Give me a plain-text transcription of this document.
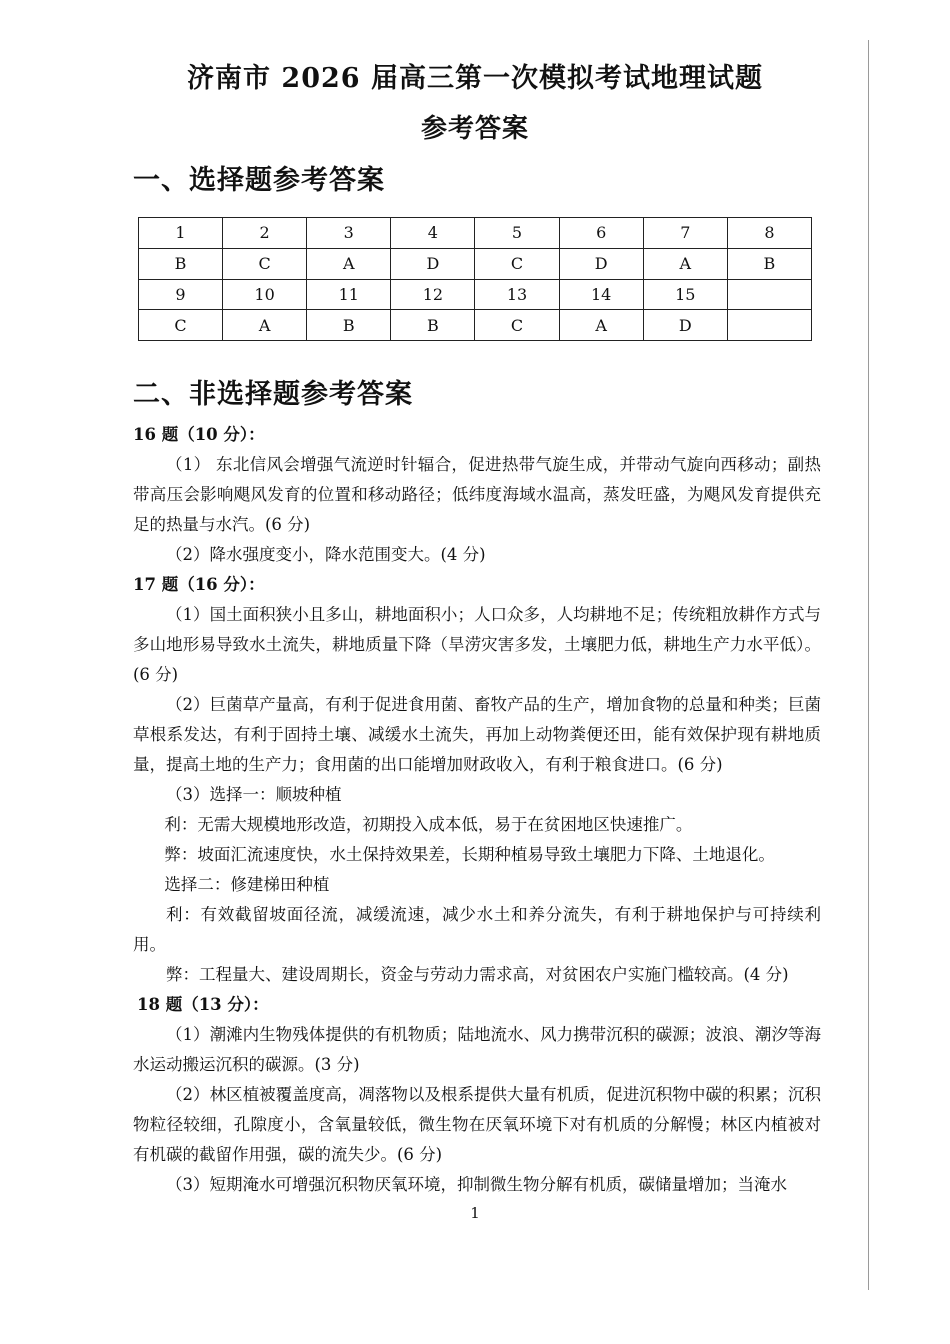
济南市 2026 届高三第一次模拟考试地理试题
参考答案
一、选择题参考答案
1	2	3	4	5	6	7	8
B	C	A	D	C	D	A	B
9	10	11	12	13	14	15	
C	A	B	B	C	A	D	
二、非选择题参考答案
16 题（10 分）：
（1） 东北信风会增强气流逆时针辐合，促进热带气旋生成，并带动气旋向西移动；副热带高压会影响飓风发育的位置和移动路径；低纬度海域水温高，蒸发旺盛，为飓风发育提供充足的热量与水汽。(6 分)
（2）降水强度变小，降水范围变大。(4 分)
17 题（16 分）：
（1）国土面积狭小且多山，耕地面积小；人口众多，人均耕地不足；传统粗放耕作方式与多山地形易导致水土流失，耕地质量下降（旱涝灾害多发，土壤肥力低，耕地生产力水平低）。(6 分)
（2）巨菌草产量高，有利于促进食用菌、畜牧产品的生产，增加食物的总量和种类；巨菌草根系发达，有利于固持土壤、减缓水土流失，再加上动物粪便还田，能有效保护现有耕地质量，提高土地的生产力；食用菌的出口能增加财政收入，有利于粮食进口。(6 分)
（3）选择一：顺坡种植
利：无需大规模地形改造，初期投入成本低，易于在贫困地区快速推广。
弊：坡面汇流速度快，水土保持效果差，长期种植易导致土壤肥力下降、土地退化。
选择二：修建梯田种植
利：有效截留坡面径流，减缓流速，减少水土和养分流失，有利于耕地保护与可持续利用。
弊：工程量大、建设周期长，资金与劳动力需求高，对贫困农户实施门槛较高。(4 分)
18 题（13 分）：
（1）潮滩内生物残体提供的有机物质；陆地流水、风力携带沉积的碳源；波浪、潮汐等海水运动搬运沉积的碳源。(3 分)
（2）林区植被覆盖度高，凋落物以及根系提供大量有机质，促进沉积物中碳的积累；沉积物粒径较细，孔隙度小，含氧量较低，微生物在厌氧环境下对有机质的分解慢；林区内植被对有机碳的截留作用强，碳的流失少。(6 分)
（3）短期淹水可增强沉积物厌氧环境，抑制微生物分解有机质，碳储量增加；当淹水
1
